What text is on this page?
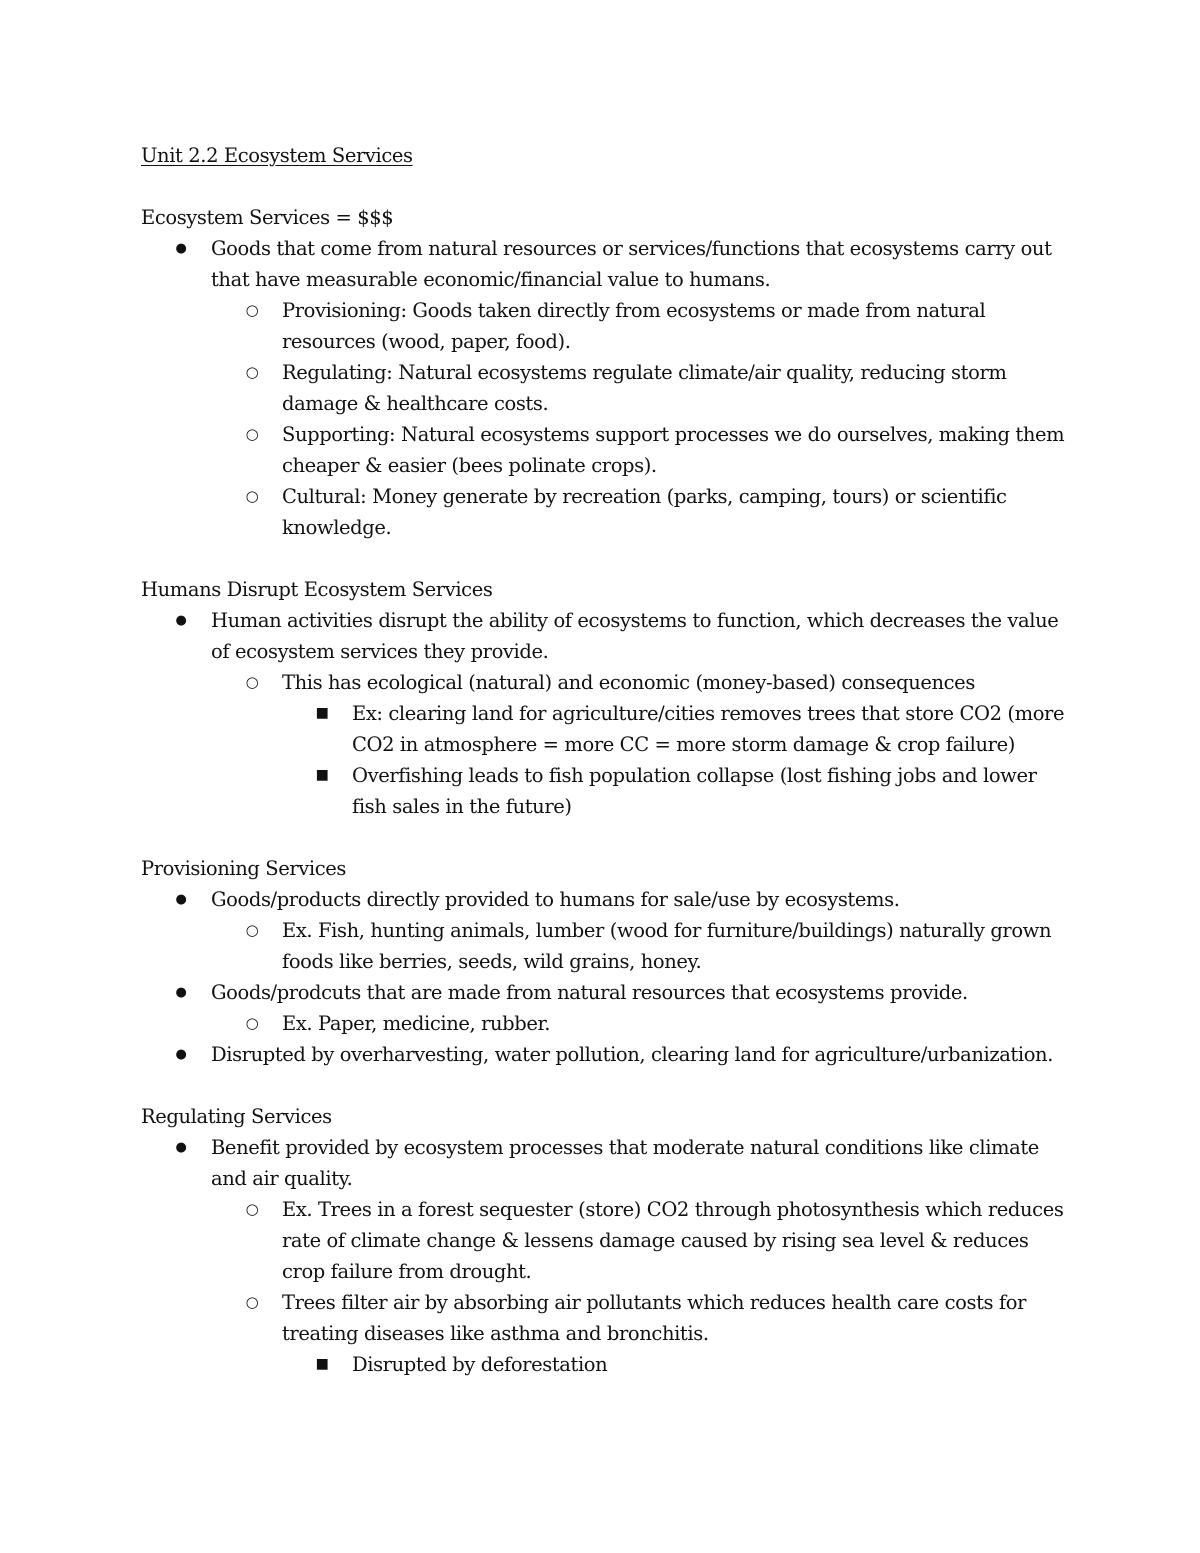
Unit 2.2 Ecosystem Services

Ecosystem Services = $$$

● Goods that come from natural resources or services/functions that ecosystems carry out that have measurable economic/financial value to humans.
○ Provisioning: Goods taken directly from ecosystems or made from natural resources (wood, paper, food).
○ Regulating: Natural ecosystems regulate climate/air quality, reducing storm damage & healthcare costs.
○ Supporting: Natural ecosystems support processes we do ourselves, making them cheaper & easier (bees polinate crops).
○ Cultural: Money generate by recreation (parks, camping, tours) or scientific knowledge.

Humans Disrupt Ecosystem Services

● Human activities disrupt the ability of ecosystems to function, which decreases the value of ecosystem services they provide.
○ This has ecological (natural) and economic (money-based) consequences
■ Ex: clearing land for agriculture/cities removes trees that store CO2 (more CO2 in atmosphere = more CC = more storm damage & crop failure)
■ Overfishing leads to fish population collapse (lost fishing jobs and lower fish sales in the future)

Provisioning Services

● Goods/products directly provided to humans for sale/use by ecosystems.
○ Ex. Fish, hunting animals, lumber (wood for furniture/buildings) naturally grown foods like berries, seeds, wild grains, honey.
● Goods/prodcuts that are made from natural resources that ecosystems provide.
○ Ex. Paper, medicine, rubber.
● Disrupted by overharvesting, water pollution, clearing land for agriculture/urbanization.

Regulating Services

● Benefit provided by ecosystem processes that moderate natural conditions like climate and air quality.
○ Ex. Trees in a forest sequester (store) CO2 through photosynthesis which reduces rate of climate change & lessens damage caused by rising sea level & reduces crop failure from drought.
○ Trees filter air by absorbing air pollutants which reduces health care costs for treating diseases like asthma and bronchitis.
■ Disrupted by deforestation
